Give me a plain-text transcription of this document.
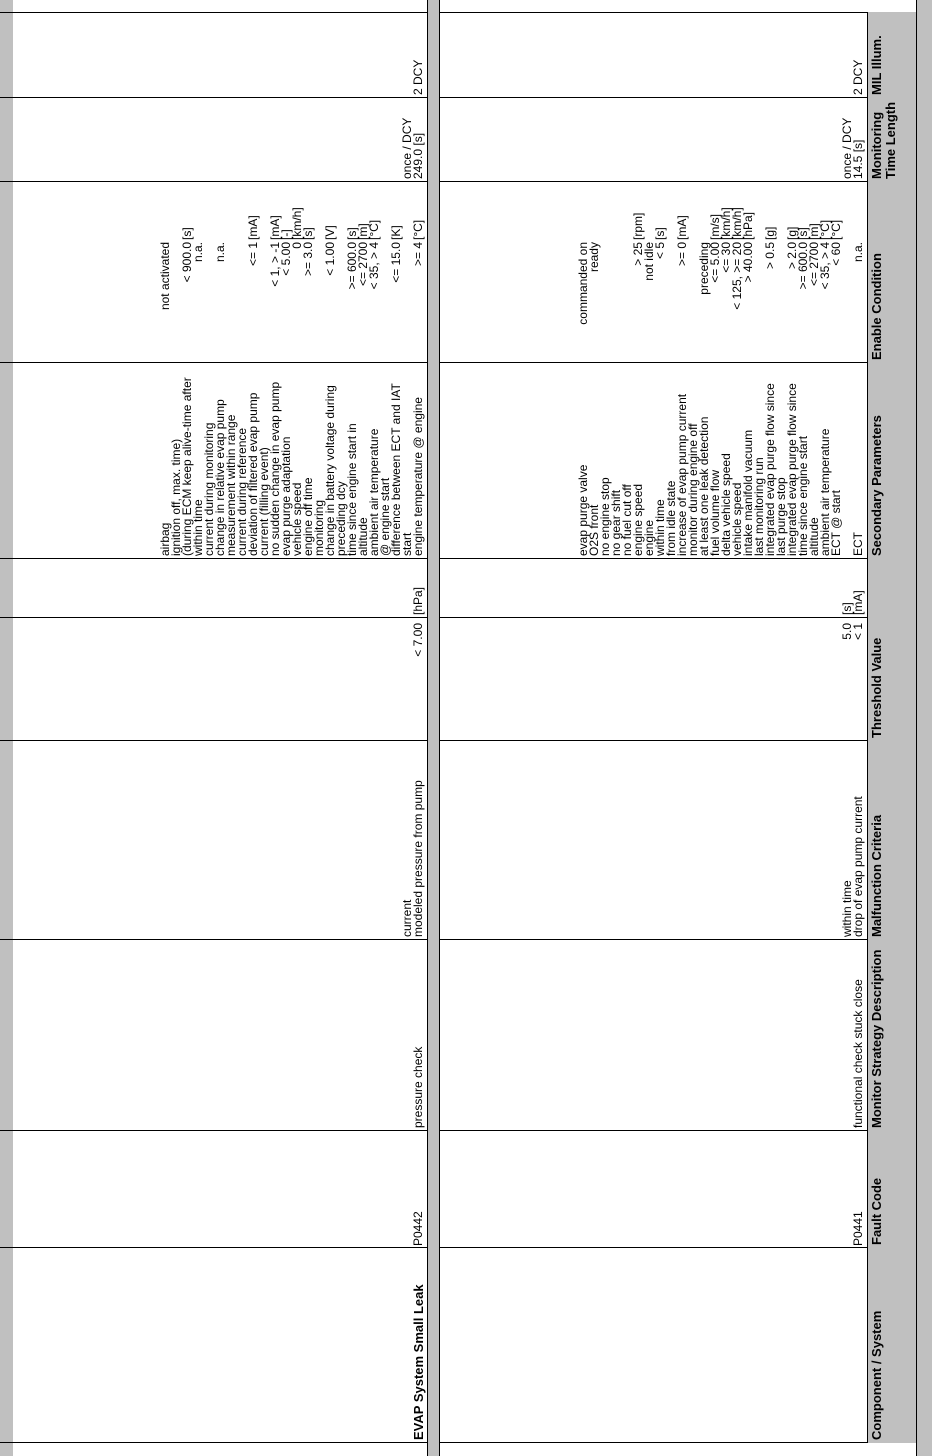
Component / System
Fault Code
Monitor Strategy Description
Malfunction Criteria
Threshold Value
Secondary Parameters
Enable Condition
Monitoring Time Length
MIL Illum.
P0441
functional check stuck close
drop of evap pump current
within time
< 1
5.0
[mA]
[s]
ECT
ECT @ start
ambient air temperature
altitude
time since engine start
integrated evap purge flow since
last purge stop
integrated evap purge flow since
last monitoring run
intake manifold vacuum
vehicle speed
delta vehicle speed
fuel volume flow
at least one leak detection
monitor during engine off
increase of evap pump current
from idle state
within time
engine
engine speed
no fuel cut off
no gear shift
no engine stop
O2S front
evap purge valve
n.a.
< 60
< 35, > 4
<= 2700
>= 600.0
> 2.0
> 0.5
> 40.00
< 125, >= 20
<= 30
<= 5.00
preceding
>= 0
< 5
not idle
> 25
ready
commanded on
[°C]
[°C]
[m]
[s]
[g]
[g]
[hPa]
[km/h]
[km/h]
[m/s]
[mA]
[s]
[rpm]
14.5 [s]
once / DCY
2 DCY
EVAP System Small Leak
P0442
pressure check
modeled pressure from pump
current
< 7.00
[hPa]
engine temperature @ engine
start
difference between ECT and IAT
@ engine start
ambient air temperature
altitude
time since engine start in
preceding dcy
change in battery voltage during
monitoring
engine off time
vehicle speed
evap purge adaptation
no sudden change in evap pump
current (filling event)
deviation of filtered evap pump
current during reference
measurement within range
change in relative evap pump
current during monitoring
within time
(during ECM keep alive-time after
ignition off, max. time)
airbag
>= 4
<= 15.0
< 35, > 4
<= 2700
>= 600.0
< 1.00
>= 3.0
0
< 5.00
< 1, > -1
<= 1
n.a.
n.a.
< 900.0
not activated
[°C]
[K]
[°C]
[m]
[s]
[V]
[s]
[km/h]
[-]
[mA]
[mA]
[s]
249.0 [s]
once / DCY
2 DCY
